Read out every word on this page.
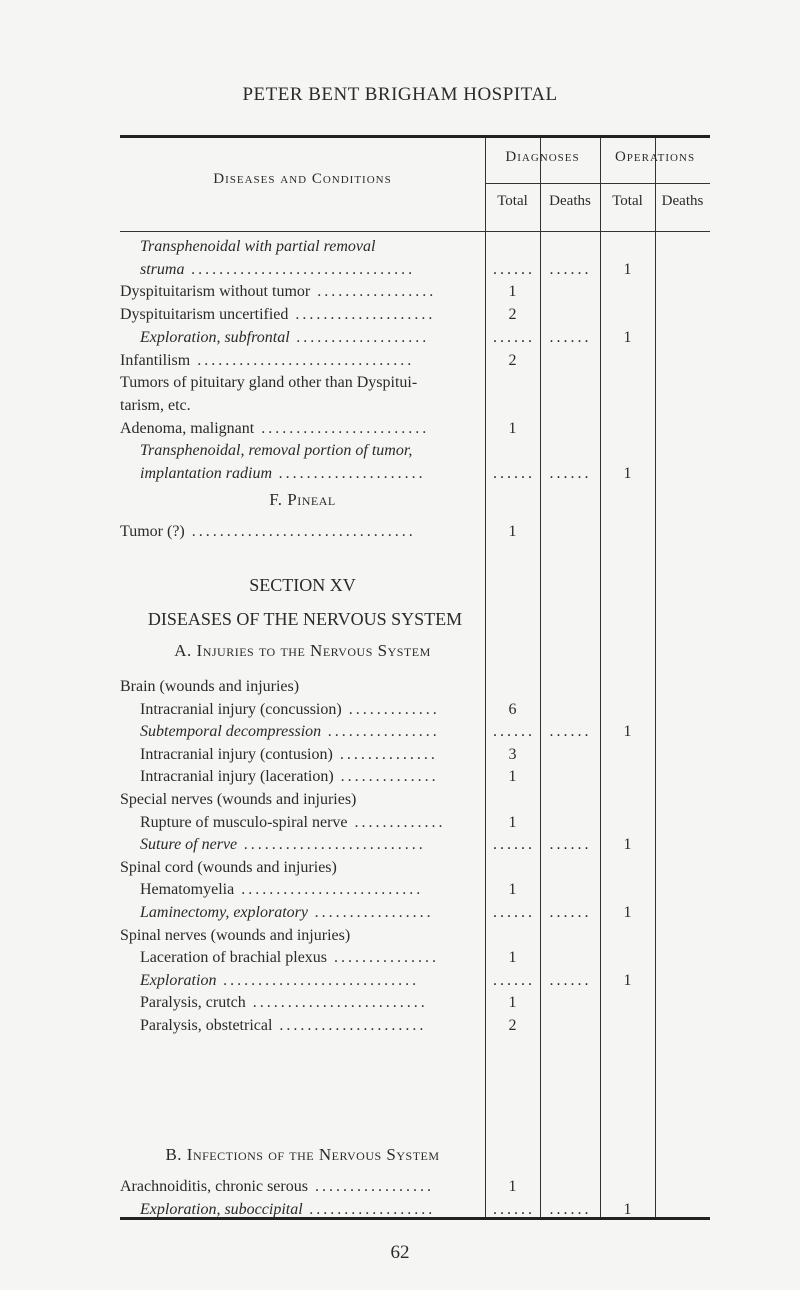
PETER BENT BRIGHAM HOSPITAL
Diseases and Conditions
Diagnoses	Operations
Total	Deaths	Total	Deaths
Transphenoidal with partial removal
struma ................................	...... ......	1
Dyspituitarism without tumor .................	1
Dyspituitarism uncertified ....................	2
Exploration, subfrontal ...................	...... ......	1
Infantilism ...............................	2
Tumors of pituitary gland other than Dyspitui-
tarism, etc.
Adenoma, malignant ........................	1
Transphenoidal, removal portion of tumor,
implantation radium .....................	...... ......	1
F. Pineal
Tumor (?) ................................	1
SECTION XV
DISEASES OF THE NERVOUS SYSTEM
A. Injuries to the Nervous System
Brain (wounds and injuries)
Intracranial injury (concussion) .............	6
Subtemporal decompression ................	...... ......	1
Intracranial injury (contusion) ..............	3
Intracranial injury (laceration) ..............	1
Special nerves (wounds and injuries)
Rupture of musculo-spiral nerve .............	1
Suture of nerve ..........................	...... ......	1
Spinal cord (wounds and injuries)
Hematomyelia ..........................	1
Laminectomy, exploratory .................	...... ......	1
Spinal nerves (wounds and injuries)
Laceration of brachial plexus ...............	1
Exploration ............................	...... ......	1
Paralysis, crutch .........................	1
Paralysis, obstetrical .....................	2
B. Infections of the Nervous System
Arachnoiditis, chronic serous .................	1
Exploration, suboccipital ..................	...... ......	1
62
